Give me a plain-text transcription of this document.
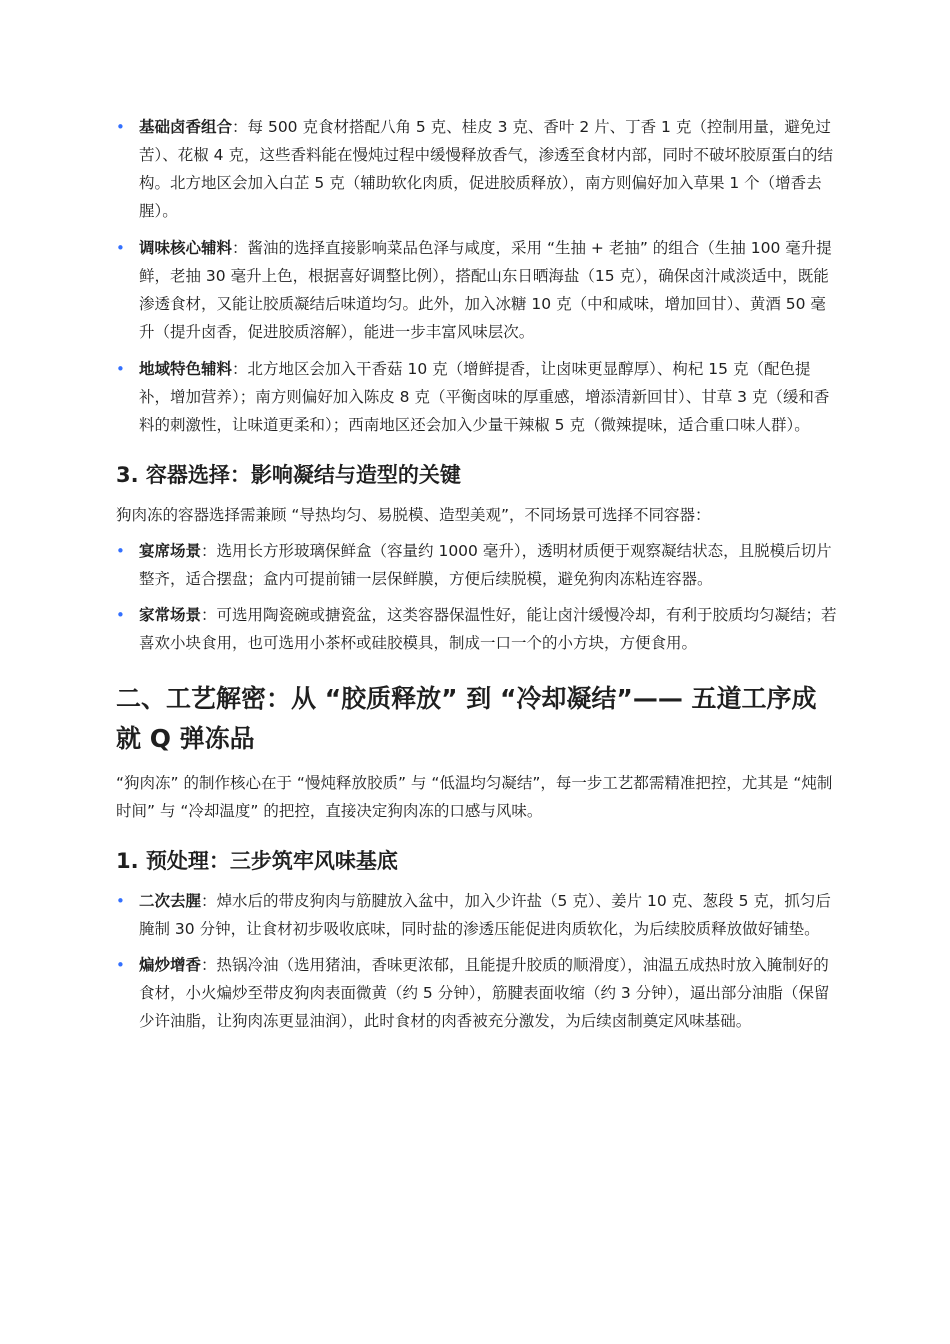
• 基础卤香组合：每 500 克食材搭配八角 5 克、桂皮 3 克、香叶 2 片、丁香 1 克（控制用量，避免过苦）、花椒 4 克，这些香料能在慢炖过程中缓慢释放香气，渗透至食材内部，同时不破坏胶原蛋白的结构。北方地区会加入白芷 5 克（辅助软化肉质，促进胶质释放），南方则偏好加入草果 1 个（增香去腥）。
• 调味核心辅料：酱油的选择直接影响菜品色泽与咸度，采用 “生抽 + 老抽” 的组合（生抽 100 毫升提鲜，老抽 30 毫升上色，根据喜好调整比例），搭配山东日晒海盐（15 克），确保卤汁咸淡适中，既能渗透食材，又能让胶质凝结后味道均匀。此外，加入冰糖 10 克（中和咸味，增加回甘）、黄酒 50 毫升（提升卤香，促进胶质溶解），能进一步丰富风味层次。
• 地域特色辅料：北方地区会加入干香菇 10 克（增鲜提香，让卤味更显醇厚）、枸杞 15 克（配色提补，增加营养）；南方则偏好加入陈皮 8 克（平衡卤味的厚重感，增添清新回甘）、甘草 3 克（缓和香料的刺激性，让味道更柔和）；西南地区还会加入少量干辣椒 5 克（微辣提味，适合重口味人群）。
3. 容器选择：影响凝结与造型的关键

狗肉冻的容器选择需兼顾 “导热均匀、易脱模、造型美观”，不同场景可选择不同容器：

• 宴席场景：选用长方形玻璃保鲜盒（容量约 1000 毫升），透明材质便于观察凝结状态，且脱模后切片整齐，适合摆盘；盒内可提前铺一层保鲜膜，方便后续脱模，避免狗肉冻粘连容器。
• 家常场景：可选用陶瓷碗或搪瓷盆，这类容器保温性好，能让卤汁缓慢冷却，有利于胶质均匀凝结；若喜欢小块食用，也可选用小茶杯或硅胶模具，制成一口一个的小方块，方便食用。
二、工艺解密：从 “胶质释放” 到 “冷却凝结”—— 五道工序成就 Q 弹冻品

“狗肉冻” 的制作核心在于 “慢炖释放胶质” 与 “低温均匀凝结”，每一步工艺都需精准把控，尤其是 “炖制时间” 与 “冷却温度” 的把控，直接决定狗肉冻的口感与风味。

1. 预处理：三步筑牢风味基底
• 二次去腥：焯水后的带皮狗肉与筋腱放入盆中，加入少许盐（5 克）、姜片 10 克、葱段 5 克，抓匀后腌制 30 分钟，让食材初步吸收底味，同时盐的渗透压能促进肉质软化，为后续胶质释放做好铺垫。
• 煸炒增香：热锅冷油（选用猪油，香味更浓郁，且能提升胶质的顺滑度），油温五成热时放入腌制好的食材，小火煸炒至带皮狗肉表面微黄（约 5 分钟），筋腱表面收缩（约 3 分钟），逼出部分油脂（保留少许油脂，让狗肉冻更显油润），此时食材的肉香被充分激发，为后续卤制奠定风味基础。
